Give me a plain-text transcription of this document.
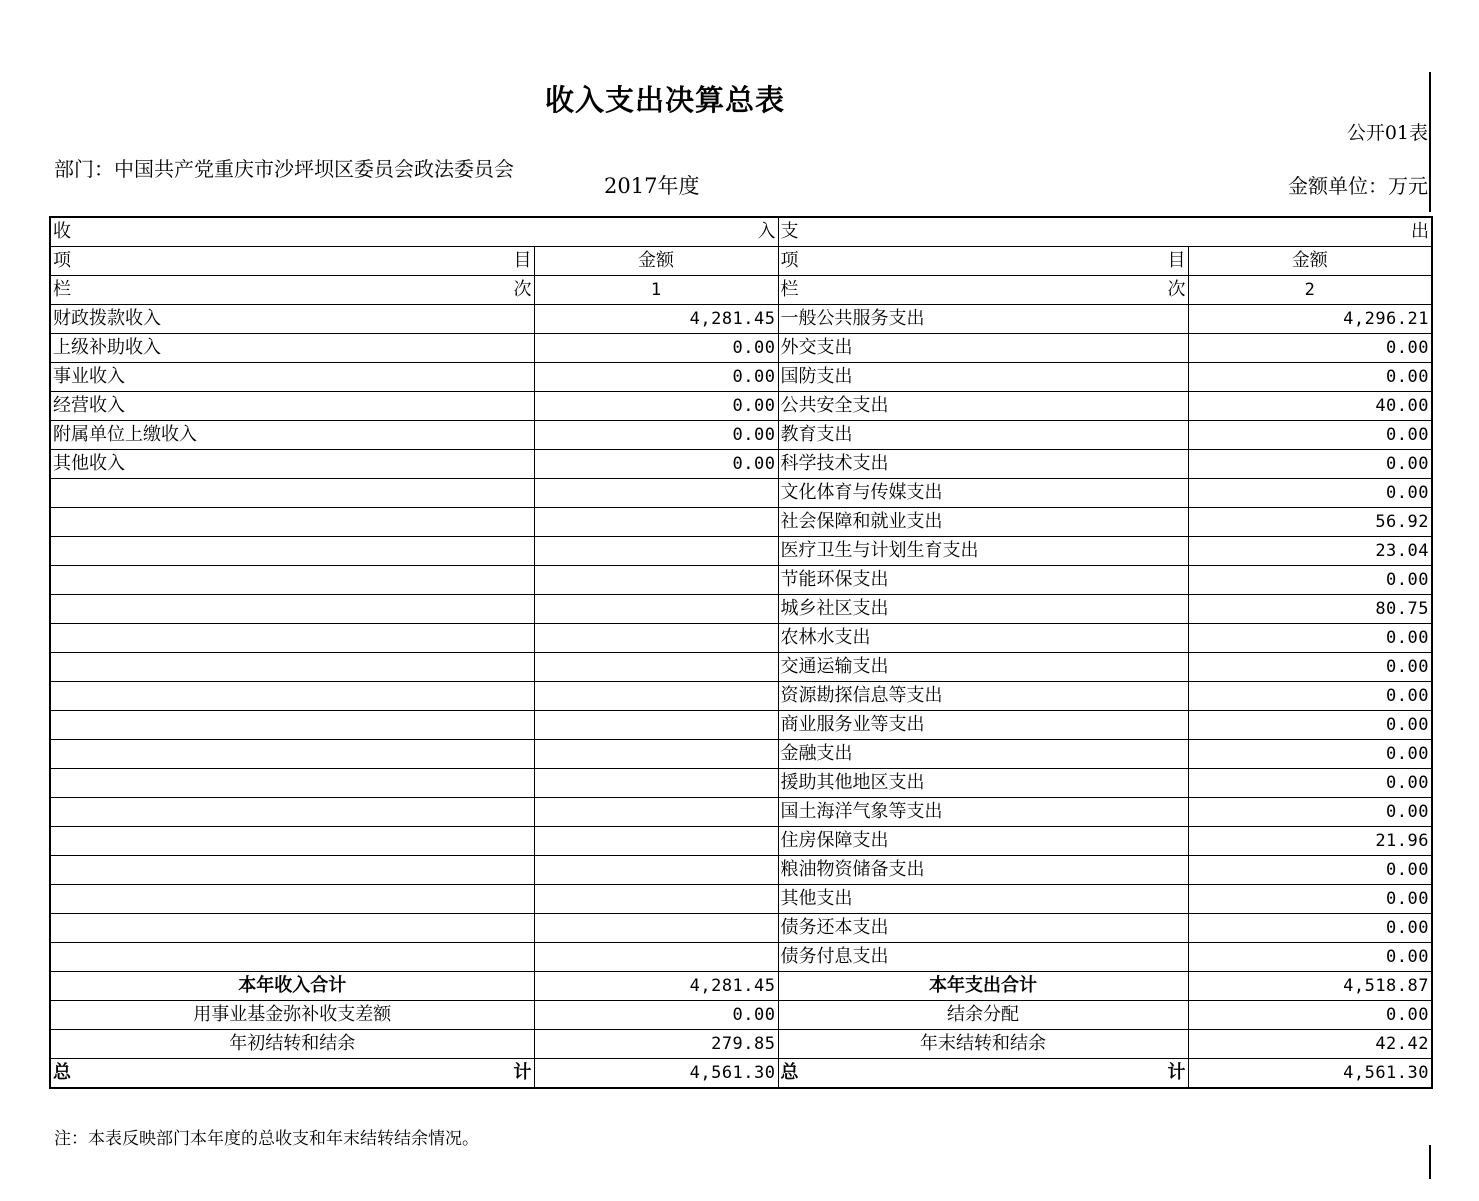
收入支出决算总表
公开01表
部门：中国共产党重庆市沙坪坝区委员会政法委员会
2017年度	金额单位：万元
收 入		支 出	

项 目	金额	项 目	金额

栏 次	1	栏 次	2
财政拨款收入	4,281.45	一般公共服务支出	4,296.21
上级补助收入	0.00	外交支出	0.00
事业收入	0.00	国防支出	0.00
经营收入	0.00	公共安全支出	40.00
附属单位上缴收入	0.00	教育支出	0.00
其他收入	0.00	科学技术支出	0.00
		文化体育与传媒支出	0.00
		社会保障和就业支出	56.92
		医疗卫生与计划生育支出	23.04
		节能环保支出	0.00
		城乡社区支出	80.75
		农林水支出	0.00
		交通运输支出	0.00
		资源勘探信息等支出	0.00
		商业服务业等支出	0.00
		金融支出	0.00
		援助其他地区支出	0.00
		国土海洋气象等支出	0.00
		住房保障支出	21.96
		粮油物资储备支出	0.00
		其他支出	0.00
		债务还本支出	0.00
		债务付息支出	0.00
本年收入合计	4,281.45	本年支出合计	4,518.87
用事业基金弥补收支差额	0.00	结余分配	0.00
年初结转和结余	279.85	年末结转和结余	42.42

总 计	4,561.30	总 计	4,561.30
注：本表反映部门本年度的总收支和年末结转结余情况。
